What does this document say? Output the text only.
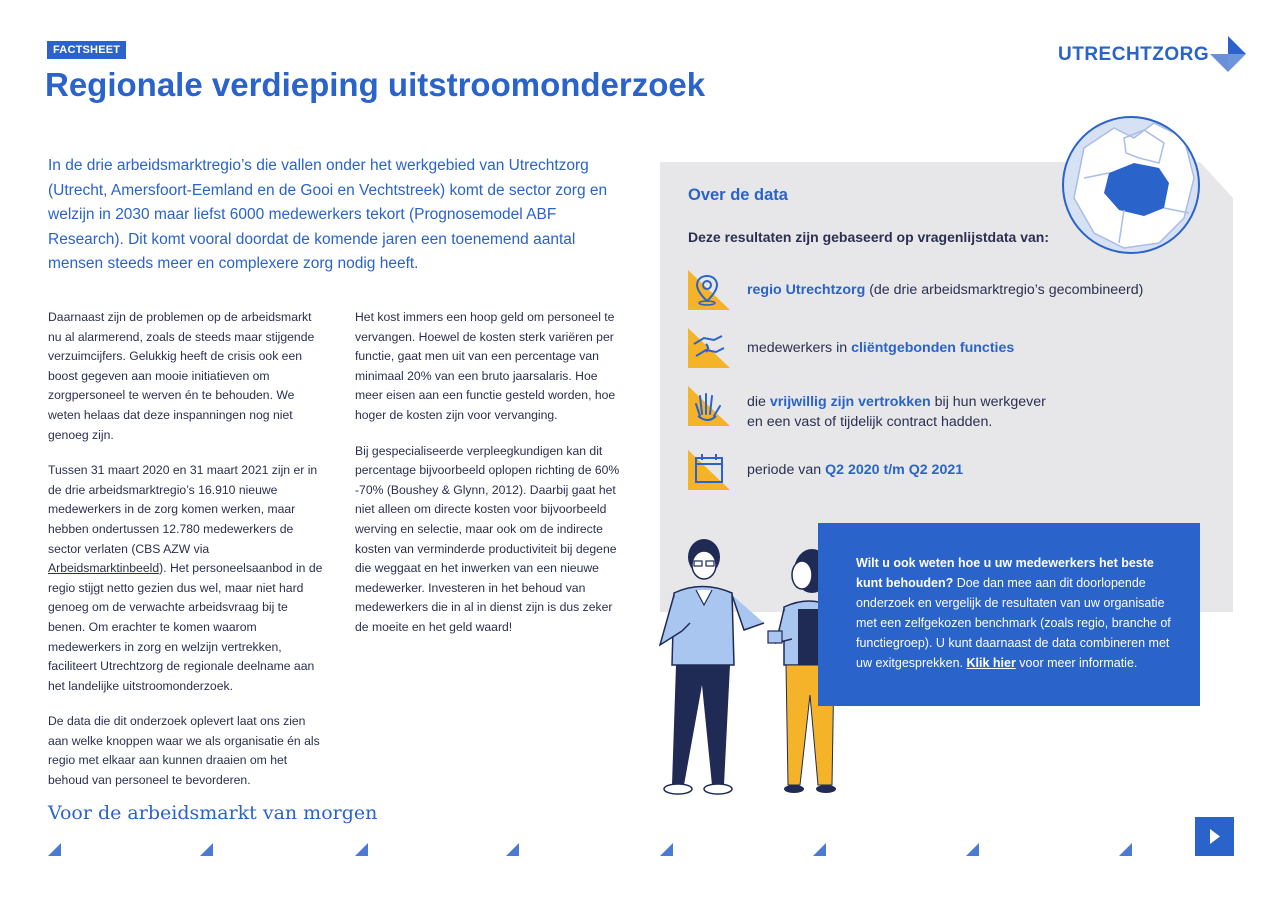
FACTSHEET
Regionale verdieping uitstroomonderzoek
UTRECHTZORG

In de drie arbeidsmarktregio’s die vallen onder het werkgebied van Utrechtzorg (Utrecht, Amersfoort-Eemland en de Gooi en Vechtstreek) komt de sector zorg en welzijn in 2030 maar liefst 6000 medewerkers tekort (Prognosemodel ABF Research). Dit komt vooral doordat de komende jaren een toenemend aantal mensen steeds meer en complexere zorg nodig heeft.

Daarnaast zijn de problemen op de arbeidsmarkt nu al alarmerend, zoals de steeds maar stijgende verzuimcijfers. Gelukkig heeft de crisis ook een boost gegeven aan mooie initiatieven om zorgpersoneel te werven én te behouden. We weten helaas dat deze inspanningen nog niet genoeg zijn.

Tussen 31 maart 2020 en 31 maart 2021 zijn er in de drie arbeidsmarktregio’s 16.910 nieuwe medewerkers in de zorg komen werken, maar hebben ondertussen 12.780 medewerkers de sector verlaten (CBS AZW via Arbeidsmarktinbeeld). Het personeelsaanbod in de regio stijgt netto gezien dus wel, maar niet hard genoeg om de verwachte arbeidsvraag bij te benen. Om erachter te komen waarom medewerkers in zorg en welzijn vertrekken, faciliteert Utrechtzorg de regionale deelname aan het landelijke uitstroomonderzoek.

De data die dit onderzoek oplevert laat ons zien aan welke knoppen waar we als organisatie én als regio met elkaar aan kunnen draaien om het behoud van personeel te bevorderen.

Het kost immers een hoop geld om personeel te vervangen. Hoewel de kosten sterk variëren per functie, gaat men uit van een percentage van minimaal 20% van een bruto jaarsalaris. Hoe meer eisen aan een functie gesteld worden, hoe hoger de kosten zijn voor vervanging.

Bij gespecialiseerde verpleegkundigen kan dit percentage bijvoorbeeld oplopen richting de 60% -70% (Boushey & Glynn, 2012). Daarbij gaat het niet alleen om directe kosten voor bijvoorbeeld werving en selectie, maar ook om de indirecte kosten van verminderde productiviteit bij degene die weggaat en het inwerken van een nieuwe medewerker. Investeren in het behoud van medewerkers die in al in dienst zijn is dus zeker de moeite en het geld waard!

Over de data
Deze resultaten zijn gebaseerd op vragenlijstdata van:
regio Utrechtzorg (de drie arbeidsmarktregio’s gecombineerd)
medewerkers in cliëntgebonden functies
die vrijwillig zijn vertrokken bij hun werkgever
en een vast of tijdelijk contract hadden.
periode van Q2 2020 t/m Q2 2021
Wilt u ook weten hoe u uw medewerkers het beste kunt behouden? Doe dan mee aan dit doorlopende onderzoek en vergelijk de resultaten van uw organisatie met een zelfgekozen benchmark (zoals regio, branche of functiegroep). U kunt daarnaast de data combineren met uw exitgesprekken. Klik hier voor meer informatie.
Voor de arbeidsmarkt van morgen
